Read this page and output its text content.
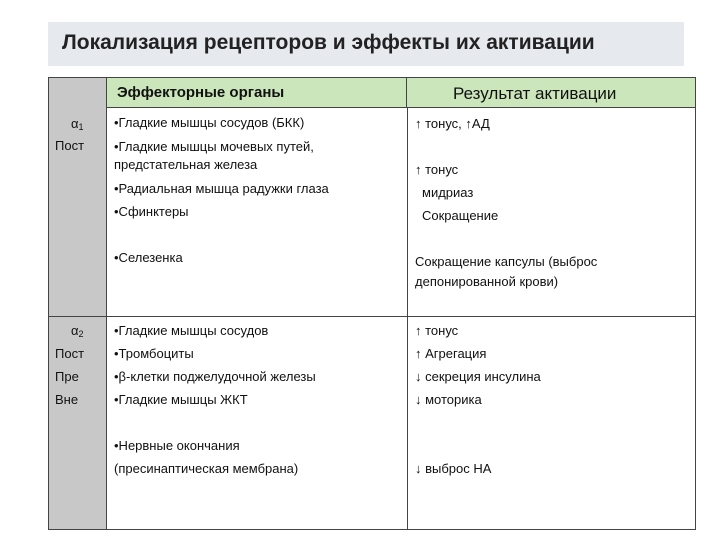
Локализация рецепторов и эффекты их активации
Эффекторные органы	Результат активации
$\alpha_1$
Пост
•Гладкие мышцы сосудов (БКК)
•Гладкие мышцы мочевых путей,
предстательная железа
•Радиальная мышца радужки глаза
•Сфинктеры
•Селезенка
↑ тонус, ↑АД
↑ тонус
мидриаз
Сокращение
Сокращение капсулы (выброс
депонированной крови)
$\alpha_2$
Пост
Пре
Вне
•Гладкие мышцы сосудов
•Тромбоциты
•β-клетки поджелудочной железы
•Гладкие мышцы ЖКТ
•Нервные окончания
(пресинаптическая мембрана)
↑ тонус
↑ Агрегация
↓ секреция инсулина
↓ моторика
↓ выброс НА
